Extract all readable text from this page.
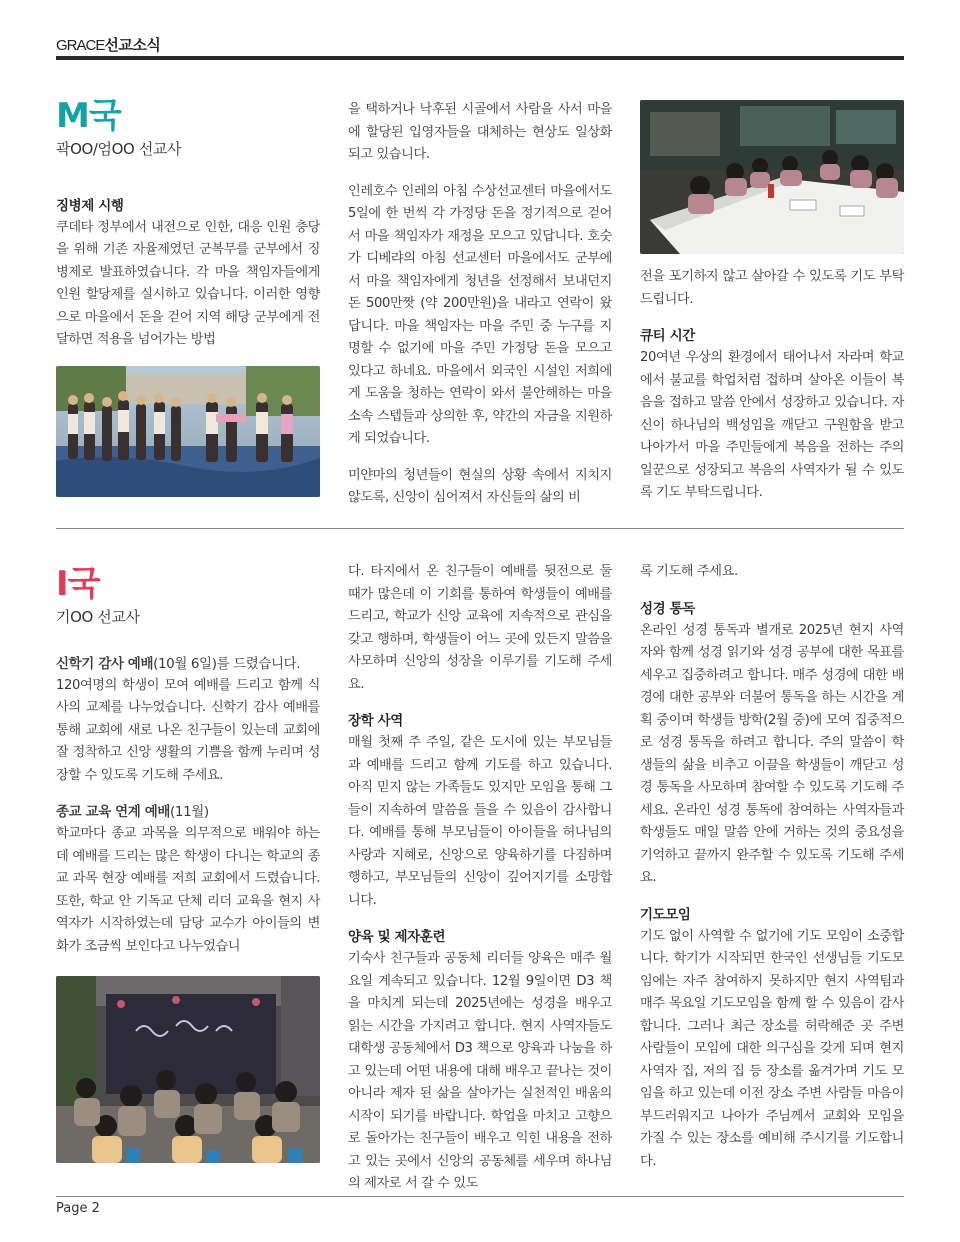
GRACE선교소식
M국
곽OO/엄OO 선교사
징병제 시행

쿠데타 정부에서 내전으로 인한, 대응 인원 충당을 위해 기존 자율제였던 군복무를 군부에서 징병제로 발표하였습니다. 각 마을 책임자들에게 인원 할당제를 실시하고 있습니다. 이러한 영향으로 마을에서 돈을 걷어 지역 해당 군부에게 전달하면 적용을 넘어가는 방법

을 택하거나 낙후된 시골에서 사람을 사서 마을에 할당된 입영자들을 대체하는 현상도 일상화되고 있습니다.

인레호수 인레의 아침 수상선교센터 마을에서도 5일에 한 번씩 각 가정당 돈을 정기적으로 걷어서 마을 책임자가 재정을 모으고 있답니다. 호숫가 디베랴의 아침 선교센터 마을에서도 군부에서 마을 책임자에게 청년을 선정해서 보내던지 돈 500만짯 (약 200만원)을 내라고 연락이 왔답니다. 마을 책임자는 마을 주민 중 누구를 지명할 수 없기에 마을 주민 가정당 돈을 모으고 있다고 하네요. 마을에서 외국인 시설인 저희에게 도움을 청하는 연락이 와서 불안해하는 마을소속 스텝들과 상의한 후, 약간의 자금을 지원하게 되었습니다.

미얀마의 청년들이 현실의 상황 속에서 지치지 않도록, 신앙이 심어져서 자신들의 삶의 비

전을 포기하지 않고 살아갈 수 있도록 기도 부탁드립니다.

큐티 시간

20여년 우상의 환경에서 태어나서 자라며 학교에서 불교를 학업처럼 접하며 살아온 이들이 복음을 접하고 말씀 안에서 성장하고 있습니다. 자신이 하나님의 백성임을 깨닫고 구원함을 받고 나아가서 마을 주민들에게 복음을 전하는 주의 일꾼으로 성장되고 복음의 사역자가 될 수 있도록 기도 부탁드립니다.

I국
기OO 선교사
신학기 감사 예배(10월 6일)를 드렸습니다.

120여명의 학생이 모여 예배를 드리고 함께 식사의 교제를 나누었습니다. 신학기 감사 예배를 통해 교회에 새로 나온 친구들이 있는데 교회에 잘 정착하고 신앙 생활의 기쁨을 함께 누리며 성장할 수 있도록 기도해 주세요.

종교 교육 연계 예배(11월)

학교마다 종교 과목을 의무적으로 배워야 하는데 예배를 드리는 많은 학생이 다니는 학교의 종교 과목 현장 예배를 저희 교회에서 드렸습니다. 또한, 학교 안 기독교 단체 리더 교육을 현지 사역자가 시작하였는데 담당 교수가 아이들의 변화가 조금씩 보인다고 나누었습니

다. 타지에서 온 친구들이 예배를 뒷전으로 둘 때가 많은데 이 기회를 통하여 학생들이 예배를 드리고, 학교가 신앙 교육에 지속적으로 관심을 갖고 행하며, 학생들이 어느 곳에 있든지 말씀을 사모하며 신앙의 성장을 이루기를 기도해 주세요.

장학 사역

매월 첫째 주 주일, 같은 도시에 있는 부모님들과 예배를 드리고 함께 기도를 하고 있습니다. 아직 믿지 않는 가족들도 있지만 모임을 통해 그들이 지속하여 말씀을 들을 수 있음이 감사합니다. 예배를 통해 부모님들이 아이들을 허나님의 사랑과 지혜로, 신앙으로 양육하기를 다짐하며 행하고, 부모님들의 신앙이 깊어지기를 소망합니다.

양육 및 제자훈련

기숙사 친구들과 공동체 리더들 양육은 매주 월요일 계속되고 있습니다. 12월 9일이면 D3 책을 마치게 되는데 2025년에는 성경을 배우고 읽는 시간을 가지려고 합니다. 현지 사역자들도 대학생 공동체에서 D3 책으로 양육과 나눔을 하고 있는데 어떤 내용에 대해 배우고 끝나는 것이 아니라 제자 된 삶을 살아가는 실천적인 배움의 시작이 되기를 바랍니다. 학업을 마치고 고향으로 돌아가는 친구들이 배우고 익힌 내용을 전하고 있는 곳에서 신앙의 공동체를 세우며 하나님의 제자로 서 갈 수 있도

록 기도해 주세요.

성경 통독

온라인 성경 통독과 별개로 2025년 현지 사역자와 함께 성경 읽기와 성경 공부에 대한 목표를 세우고 집중하려고 합니다. 매주 성경에 대한 배경에 대한 공부와 더불어 통독을 하는 시간을 계획 중이며 학생들 방학(2월 중)에 모여 집중적으로 성경 통독을 하려고 합니다. 주의 말씀이 학생들의 삶을 비추고 이끌을 학생들이 깨닫고 성경 통독을 사모하며 참여할 수 있도록 기도해 주세요. 온라인 성경 통독에 참여하는 사역자들과 학생들도 매일 말씀 안에 거하는 것의 중요성을 기억하고 끝까지 완주할 수 있도록 기도해 주세요.

기도모임

기도 없이 사역할 수 없기에 기도 모임이 소중합니다. 학기가 시작되면 한국인 선생님들 기도모임에는 자주 참여하지 못하지만 현지 사역팀과 매주 목요일 기도모임을 함께 할 수 있음이 감사합니다. 그러나 최근 장소를 허락해준 곳 주변 사람들이 모임에 대한 의구심을 갖게 되며 현지 사역자 집, 저의 집 등 장소를 옮겨가며 기도 모임을 하고 있는데 이전 장소 주변 사람들 마음이 부드러워지고 나아가 주님께서 교회와 모임을 가질 수 있는 장소를 예비해 주시기를 기도합니다.

Page 2
